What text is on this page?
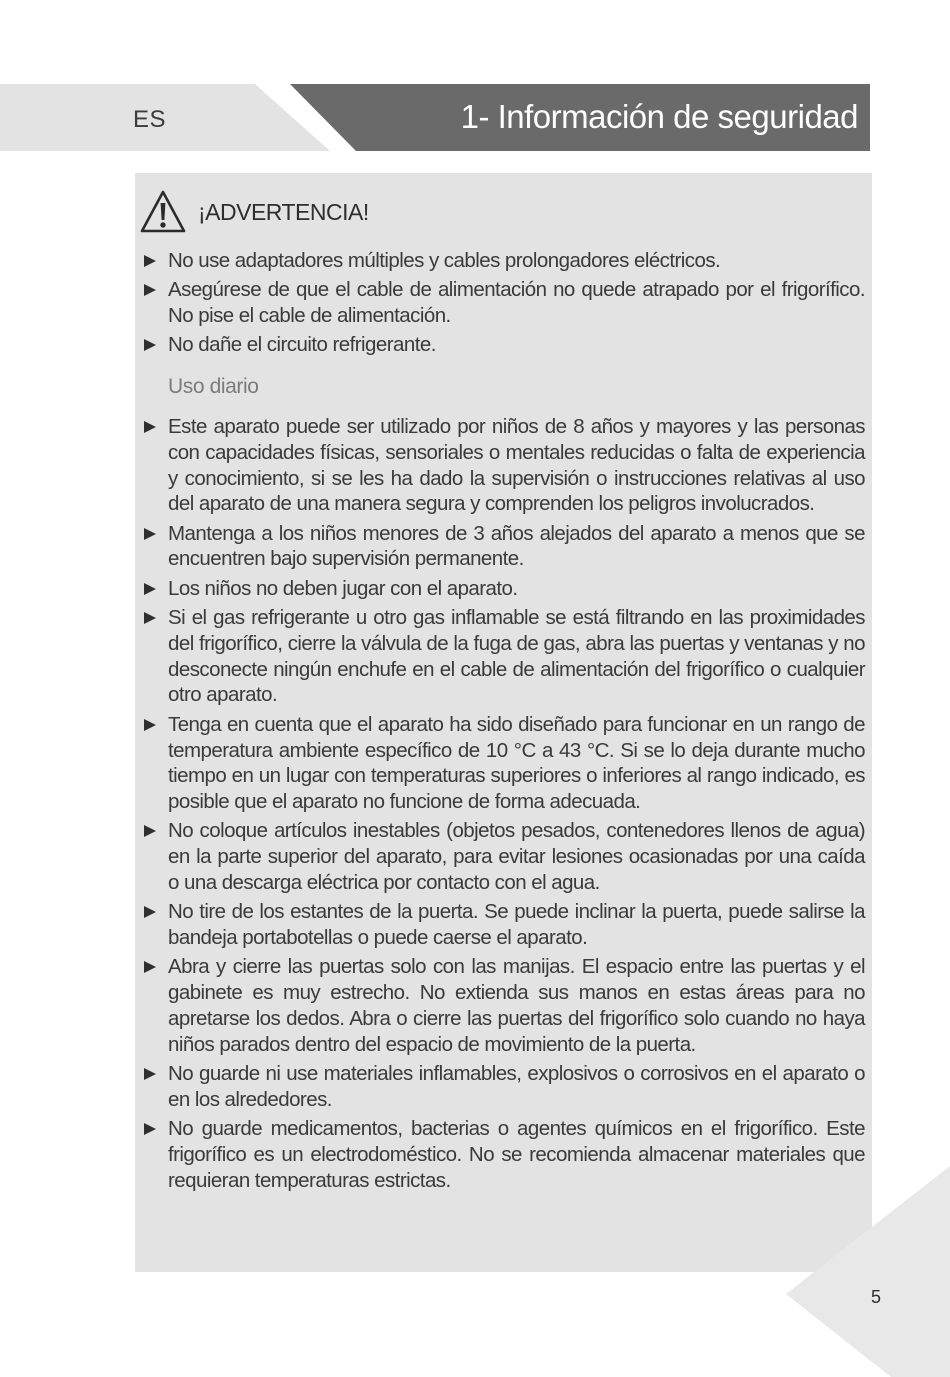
ES	1- Información de seguridad
¡ADVERTENCIA!
No use adaptadores múltiples y cables prolongadores eléctricos.
Asegúrese de que el cable de alimentación no quede atrapado por el frigorífico. No pise el cable de alimentación.
No dañe el circuito refrigerante.
Uso diario
Este aparato puede ser utilizado por niños de 8 años y mayores y las personas con capacidades físicas, sensoriales o mentales reducidas o falta de experiencia y conocimiento, si se les ha dado la supervisión o instrucciones relativas al uso del aparato de una manera segura y comprenden los peligros involucrados.
Mantenga a los niños menores de 3 años alejados del aparato a menos que se encuentren bajo supervisión permanente.
Los niños no deben jugar con el aparato.
Si el gas refrigerante u otro gas inflamable se está filtrando en las proximidades del frigorífico, cierre la válvula de la fuga de gas, abra las puertas y ventanas y no desconecte ningún enchufe en el cable de alimentación del frigorífico o cualquier otro aparato.
Tenga en cuenta que el aparato ha sido diseñado para funcionar en un rango de temperatura ambiente específico de 10 °C a 43 °C. Si se lo deja durante mucho tiempo en un lugar con temperaturas superiores o inferiores al rango indicado, es posible que el aparato no funcione de forma adecuada.
No coloque artículos inestables (objetos pesados, contenedores llenos de agua) en la parte superior del aparato, para evitar lesiones ocasionadas por una caída o una descarga eléctrica por contacto con el agua.
No tire de los estantes de la puerta. Se puede inclinar la puerta, puede salirse la bandeja portabotellas o puede caerse el aparato.
Abra y cierre las puertas solo con las manijas. El espacio entre las puertas y el gabinete es muy estrecho. No extienda sus manos en estas áreas para no apretarse los dedos. Abra o cierre las puertas del frigorífico solo cuando no haya niños parados dentro del espacio de movimiento de la puerta.
No guarde ni use materiales inflamables, explosivos o corrosivos en el aparato o en los alrededores.
No guarde medicamentos, bacterias o agentes químicos en el frigorífico. Este frigorífico es un electrodoméstico. No se recomienda almacenar materiales que requieran temperaturas estrictas.
5
